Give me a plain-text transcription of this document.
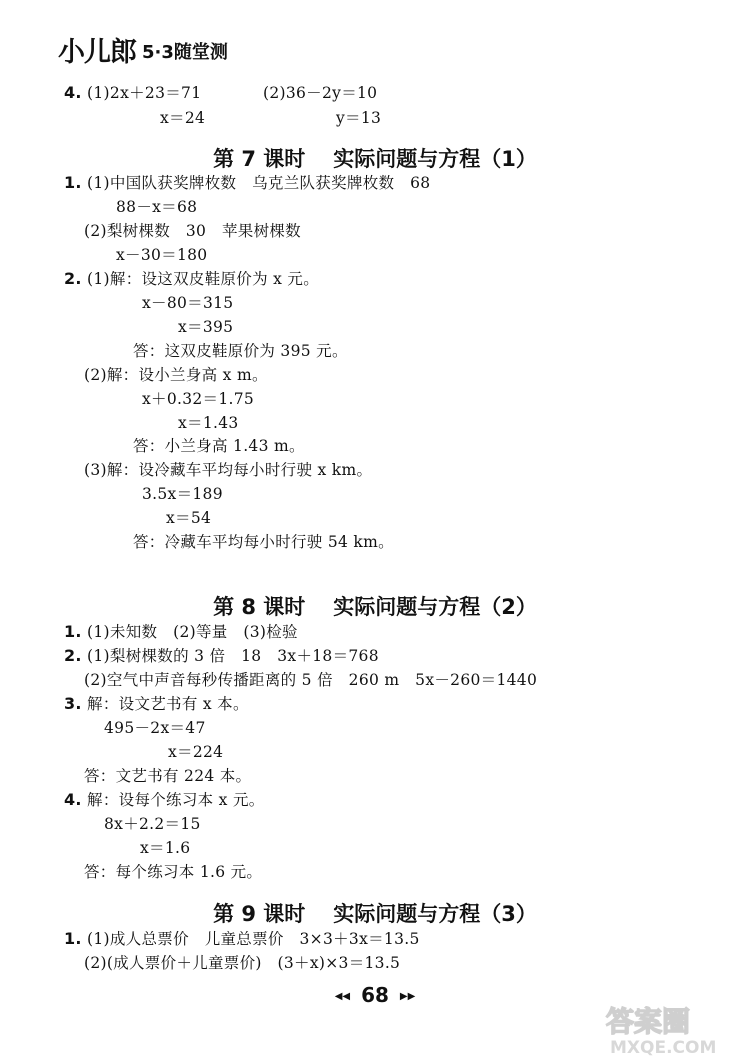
小儿郎 5·3随堂测
4. (1)2x＋23＝71	(2)36－2y＝10
x＝24	y＝13
1. (1)中国队获奖牌枚数　乌克兰队获奖牌枚数　68
88－x＝68
(2)梨树棵数　30　苹果树棵数
x－30＝180
2. (1)解：设这双皮鞋原价为 x 元。
x－80＝315
x＝395
答：这双皮鞋原价为 395 元。
(2)解：设小兰身高 x m。
x＋0.32＝1.75
x＝1.43
答：小兰身高 1.43 m。
(3)解：设冷藏车平均每小时行驶 x km。
3.5x＝189
x＝54
答：冷藏车平均每小时行驶 54 km。
1. (1)未知数　(2)等量　(3)检验
2. (1)梨树棵数的 3 倍　18　3x＋18＝768
(2)空气中声音每秒传播距离的 5 倍　260 m　5x－260＝1440
3. 解：设文艺书有 x 本。
495－2x＝47
x＝224
答：文艺书有 224 本。
4. 解：设每个练习本 x 元。
8x＋2.2＝15
x＝1.6
答：每个练习本 1.6 元。
1. (1)成人总票价　儿童总票价　3×3＋3x＝13.5
(2)(成人票价＋儿童票价)　(3＋x)×3＝13.5
第 7 课时 实际问题与方程（1）
第 8 课时 实际问题与方程（2）
第 9 课时 实际问题与方程（3）
◀◀ 68 ▶▶
答案圈
MXQE.COM
